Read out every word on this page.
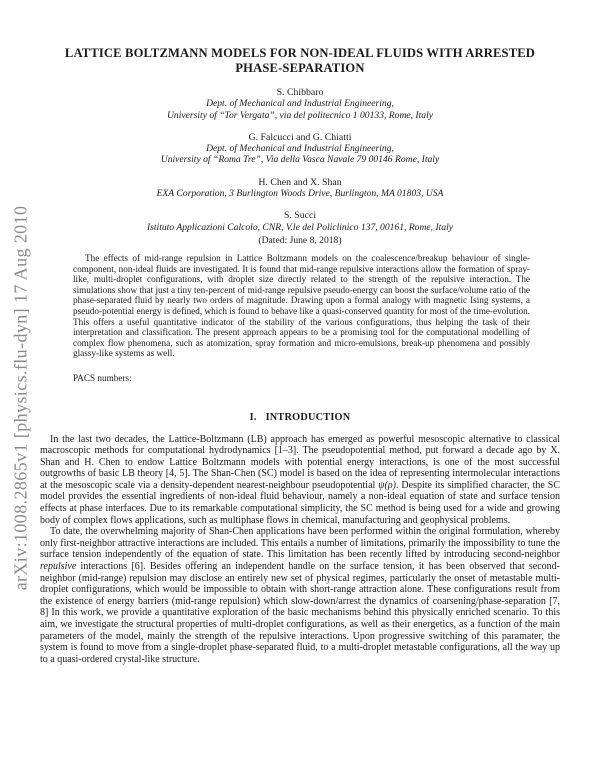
arXiv:1008.2865v1 [physics.flu-dyn] 17 Aug 2010
LATTICE BOLTZMANN MODELS FOR NON-IDEAL FLUIDS WITH ARRESTED
PHASE-SEPARATION
S. Chibbaro
Dept. of Mechanical and Industrial Engineering,
University of “Tor Vergata”, via del politecnico 1 00133, Rome, Italy
G. Falcucci and G. Chiatti
Dept. of Mechanical and Industrial Engineering,
University of “Roma Tre”, Via della Vasca Navale 79 00146 Rome, Italy
H. Chen and X. Shan
EXA Corporation, 3 Burlington Woods Drive, Burlington, MA 01803, USA
S. Succi
Istituto Applicazioni Calcolo, CNR, V.le del Policlinico 137, 00161, Rome, Italy
(Dated: June 8, 2018)
The effects of mid-range repulsion in Lattice Boltzmann models on the coalescence/breakup behaviour of single-component, non-ideal fluids are investigated. It is found that mid-range repulsive interactions allow the formation of spray-like, multi-droplet configurations, with droplet size directly related to the strength of the repulsive interaction. The simulations show that just a tiny ten-percent of mid-range repulsive pseudo-energy can boost the surface/volume ratio of the phase-separated fluid by nearly two orders of magnitude. Drawing upon a formal analogy with magnetic Ising systems, a pseudo-potential energy is defined, which is found to behave like a quasi-conserved quantity for most of the time-evolution. This offers a useful quantitative indicator of the stability of the various configurations, thus helping the task of their interpretation and classification. The present approach appears to be a promising tool for the computational modelling of complex flow phenomena, such as atomization, spray formation and micro-emulsions, break-up phenomena and possibly glassy-like systems as well.
PACS numbers:
I. INTRODUCTION

In the last two decades, the Lattice-Boltzmann (LB) approach has emerged as powerful mesoscopic alternative to classical macroscopic methods for computational hydrodynamics [1–3]. The pseudopotential method, put forward a decade ago by X. Shan and H. Chen to endow Lattice Boltzmann models with potential energy interactions, is one of the most successful outgrowths of basic LB theory [4, 5]. The Shan-Chen (SC) model is based on the idea of representing intermolecular interactions at the mesoscopic scale via a density-dependent nearest-neighbour pseudopotential ψ(ρ). Despite its simplified character, the SC model provides the essential ingredients of non-ideal fluid behaviour, namely a non-ideal equation of state and surface tension effects at phase interfaces. Due to its remarkable computational simplicity, the SC method is being used for a wide and growing body of complex flows applications, such as multiphase flows in chemical, manufacturing and geophysical problems.

To date, the overwhelming majority of Shan-Chen applications have been performed within the original formulation, whereby only first-neighbor attractive interactions are included. This entails a number of limitations, primarily the impossibility to tune the surface tension independently of the equation of state. This limitation has been recently lifted by introducing second-neighbor repulsive interactions [6]. Besides offering an independent handle on the surface tension, it has been observed that second-neighbor (mid-range) repulsion may disclose an entirely new set of physical regimes, particularly the onset of metastable multi-droplet configurations, which would be impossible to obtain with short-range attraction alone. These configurations result from the existence of energy barriers (mid-range repulsion) which slow-down/arrest the dynamics of coarsening/phase-separation [7, 8] In this work, we provide a quantitative exploration of the basic mechanisms behind this physically enriched scenario. To this aim, we investigate the structural properties of multi-droplet configurations, as well as their energetics, as a function of the main parameters of the model, mainly the strength of the repulsive interactions. Upon progressive switching of this paramater, the system is found to move from a single-droplet phase-separated fluid, to a multi-droplet metastable configurations, all the way up to a quasi-ordered crystal-like structure.
